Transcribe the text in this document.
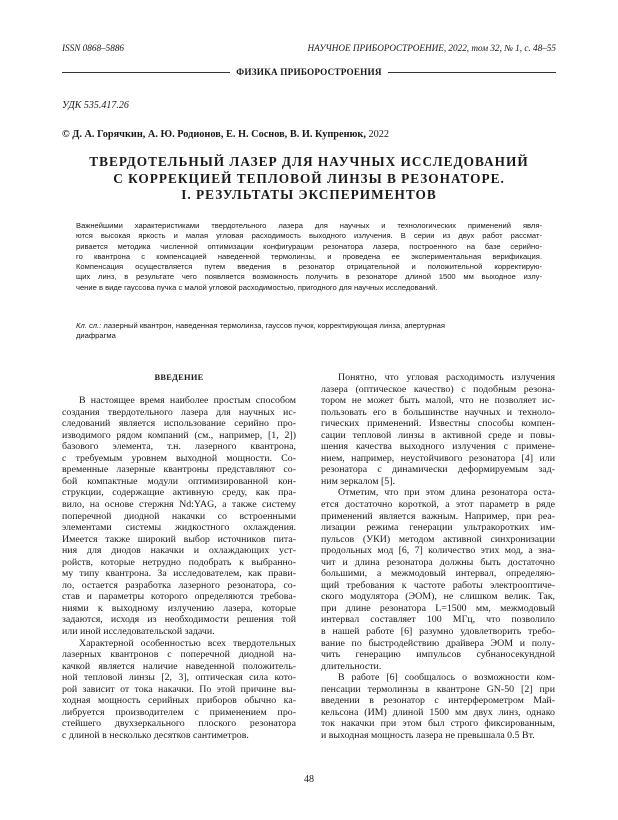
ISSN 0868–5886	НАУЧНОЕ ПРИБОРОСТРОЕНИЕ, 2022, том 32, № 1, с. 48–55
ФИЗИКА ПРИБОРОСТРОЕНИЯ
УДК 535.417.26
© Д. А. Горячкин, А. Ю. Родионов, Е. Н. Соснов, В. И. Купренюк, 2022
ТВЕРДОТЕЛЬНЫЙ ЛАЗЕР ДЛЯ НАУЧНЫХ ИССЛЕДОВАНИЙ
С КОРРЕКЦИЕЙ ТЕПЛОВОЙ ЛИНЗЫ В РЕЗОНАТОРЕ.
I. РЕЗУЛЬТАТЫ ЭКСПЕРИМЕНТОВ
Важнейшими характеристиками твердотельного лазера для научных и технологических применений явля-
ются высокая яркость и малая угловая расходимость выходного излучения. В серии из двух работ рассмат-
ривается методика численной оптимизации конфигурации резонатора лазера, построенного на базе серийно-
го квантрона с компенсацией наведенной термолинзы, и проведена ее экспериментальная верификация.
Компенсация осуществляется путем введения в резонатор отрицательной и положительной корректирую-
щих линз, в результате чего появляется возможность получить в резонаторе длиной 1500 мм выходное излу-
чение в виде гауссова пучка с малой угловой расходимостью, пригодного для научных исследований.
Кл. сл.: лазерный квантрон, наведенная термолинза, гауссов пучок, корректирующая линза, апертурная
диафрагма
ВВЕДЕНИЕ
В настоящее время наиболее простым способом
создания твердотельного лазера для научных ис-
следований является использование серийно про-
изводимого рядом компаний (см., например, [1, 2])
базового элемента, т.н. лазерного квантрона,
с требуемым уровнем выходной мощности. Со-
временные лазерные квантроны представляют со-
бой компактные модули оптимизированной кон-
струкции, содержащие активную среду, как пра-
вило, на основе стержня Nd:YAG, а также систему
поперечной диодной накачки со встроенными
элементами системы жидкостного охлаждения.
Имеется также широкий выбор источников пита-
ния для диодов накачки и охлаждающих уст-
ройств, которые нетрудно подобрать к выбранно-
му типу квантрона. За исследователем, как прави-
ло, остается разработка лазерного резонатора, со-
став и параметры которого определяются требова-
ниями к выходному излучению лазера, которые
задаются, исходя из необходимости решения той
или иной исследовательской задачи.
Характерной особенностью всех твердотельных
лазерных квантронов с поперечной диодной на-
качкой является наличие наведенной положитель-
ной тепловой линзы [2, 3], оптическая сила кото-
рой зависит от тока накачки. По этой причине вы-
ходная мощность серийных приборов обычно ка-
либруется производителем с применением про-
стейшего двухзеркального плоского резонатора
с длиной в несколько десятков сантиметров.
Понятно, что угловая расходимость излучения
лазера (оптическое качество) с подобным резона-
тором не может быть малой, что не позволяет ис-
пользовать его в большинстве научных и техноло-
гических применений. Известны способы компен-
сации тепловой линзы в активной среде и повы-
шения качества выходного излучения с примене-
нием, например, неустойчивого резонатора [4] или
резонатора с динамически деформируемым зад-
ним зеркалом [5].
Отметим, что при этом длина резонатора оста-
ется достаточно короткой, а этот параметр в ряде
применений является важным. Например, при реа-
лизации режима генерации ультракоротких им-
пульсов (УКИ) методом активной синхронизации
продольных мод [6, 7] количество этих мод, а зна-
чит и длина резонатора должны быть достаточно
большими, а межмодовый интервал, определяю-
щий требования к частоте работы электрооптиче-
ского модулятора (ЭОМ), не слишком велик. Так,
при длине резонатора L=1500 мм, межмодовый
интервал составляет 100 МГц, что позволило
в нашей работе [6] разумно удовлетворить требо-
вание по быстродействию драйвера ЭОМ и полу-
чить генерацию импульсов субнаносекундной
длительности.
В работе [6] сообщалось о возможности ком-
пенсации термолинзы в квантроне GN-50 [2] при
введении в резонатор с интерферометром Май-
кельсона (ИМ) длиной 1500 мм двух линз, однако
ток накачки при этом был строго фиксированным,
и выходная мощность лазера не превышала 0.5 Вт.
48
